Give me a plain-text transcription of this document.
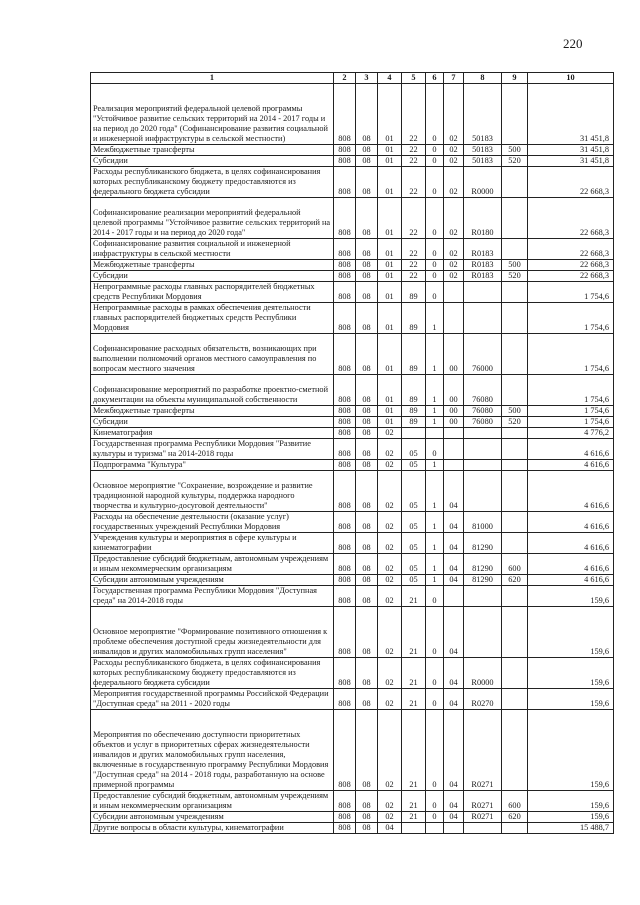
220
1	2	3	4	5	6	7	8	9	10
Реализация мероприятий федеральной целевой программы "Устойчивое развитие сельских территорий на 2014 - 2017 годы и на период до 2020 года" (Софинансирование развития социальной и инженерной инфраструктуры в сельской местности)	808	08	01	22	0	02	50183		31 451,8
Межбюджетные трансферты	808	08	01	22	0	02	50183	500	31 451,8
Субсидии	808	08	01	22	0	02	50183	520	31 451,8
Расходы республиканского бюджета, в целях софинансирования которых республиканскому бюджету предоставляются из федерального бюджета субсидии	808	08	01	22	0	02	R0000		22 668,3
Софинансирование реализации мероприятий федеральной целевой программы "Устойчивое развитие сельских территорий на 2014 - 2017 годы и на период до 2020 года"	808	08	01	22	0	02	R0180		22 668,3
Софинансирование развития социальной и инженерной инфраструктуры в сельской местности	808	08	01	22	0	02	R0183		22 668,3
Межбюджетные трансферты	808	08	01	22	0	02	R0183	500	22 668,3
Субсидии	808	08	01	22	0	02	R0183	520	22 668,3
Непрограммные расходы главных распорядителей бюджетных средств Республики Мордовия	808	08	01	89	0				1 754,6
Непрограммные расходы в рамках обеспечения деятельности главных распорядителей бюджетных средств Республики Мордовия	808	08	01	89	1				1 754,6
Софинансирование расходных обязательств, возникающих при выполнении полномочий органов местного самоуправления по вопросам местного значения	808	08	01	89	1	00	76000		1 754,6
Софинансирование мероприятий по разработке проектно-сметной документации на объекты муниципальной собственности	808	08	01	89	1	00	76080		1 754,6
Межбюджетные трансферты	808	08	01	89	1	00	76080	500	1 754,6
Субсидии	808	08	01	89	1	00	76080	520	1 754,6
Кинематография	808	08	02						4 776,2
Государственная программа Республики Мордовия "Развитие культуры и туризма" на 2014-2018 годы	808	08	02	05	0				4 616,6
Подпрограмма "Культура"	808	08	02	05	1				4 616,6
Основное мероприятие "Сохранение, возрождение и развитие традиционной народной культуры, поддержка народного творчества и культурно-досуговой деятельности"	808	08	02	05	1	04			4 616,6
Расходы на обеспечение деятельности (оказание услуг) государственных учреждений Республики Мордовия	808	08	02	05	1	04	81000		4 616,6
Учреждения культуры и мероприятия в сфере культуры и кинематографии	808	08	02	05	1	04	81290		4 616,6
Предоставление субсидий бюджетным, автономным учреждениям и иным некоммерческим организациям	808	08	02	05	1	04	81290	600	4 616,6
Субсидии автономным учреждениям	808	08	02	05	1	04	81290	620	4 616,6
Государственная программа Республики Мордовия "Доступная среда" на 2014-2018 годы	808	08	02	21	0				159,6
Основное мероприятие "Формирование позитивного отношения к проблеме обеспечения доступной среды жизнедеятельности для инвалидов и других маломобильных групп населения"	808	08	02	21	0	04			159,6
Расходы республиканского бюджета, в целях софинансирования которых республиканскому бюджету предоставляются из федерального бюджета субсидии	808	08	02	21	0	04	R0000		159,6
Мероприятия государственной программы Российской Федерации "Доступная среда" на 2011 - 2020 годы	808	08	02	21	0	04	R0270		159,6
Мероприятия по обеспечению доступности приоритетных объектов и услуг в приоритетных сферах жизнедеятельности инвалидов и других маломобильных групп населения, включенные в государственную программу Республики Мордовия "Доступная среда" на 2014 - 2018 годы, разработанную на основе примерной программы	808	08	02	21	0	04	R0271		159,6
Предоставление субсидий бюджетным, автономным учреждениям и иным некоммерческим организациям	808	08	02	21	0	04	R0271	600	159,6
Субсидии автономным учреждениям	808	08	02	21	0	04	R0271	620	159,6
Другие вопросы в области культуры, кинематографии	808	08	04						15 488,7
